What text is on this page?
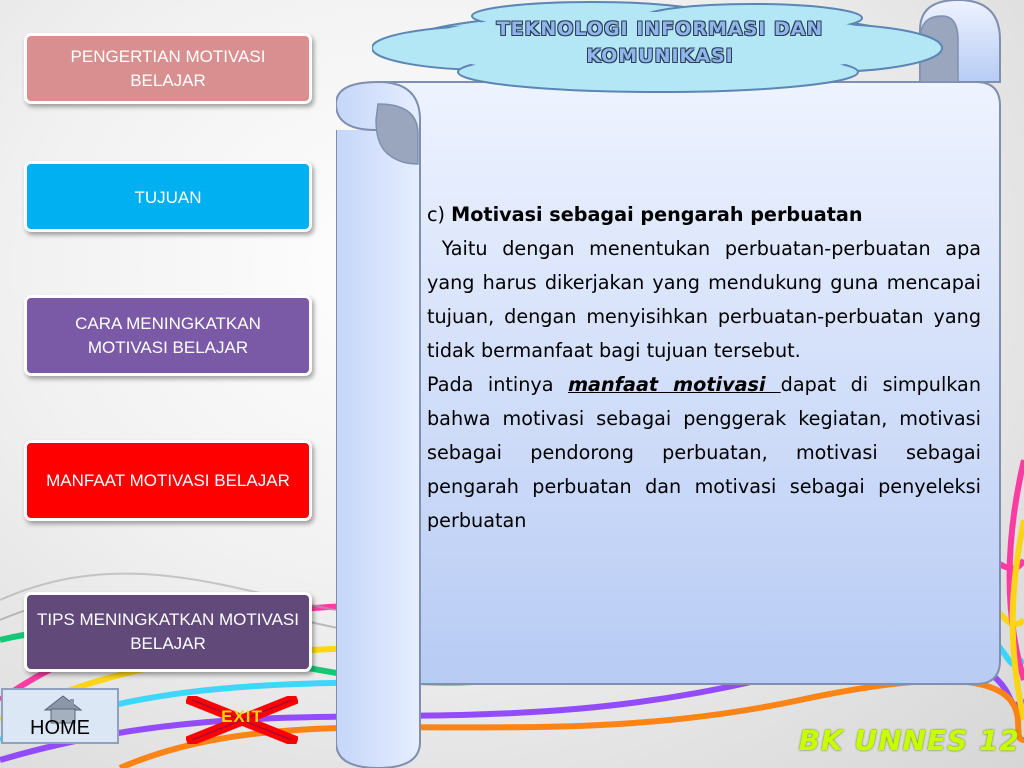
PENGERTIAN MOTIVASI BELAJAR
TUJUAN
CARA MENINGKATKAN MOTIVASI BELAJAR
MANFAAT MOTIVASI BELAJAR
TIPS MENINGKATKAN MOTIVASI BELAJAR
TEKNOLOGI INFORMASI DAN
KOMUNIKASI

c) Motivasi sebagai pengarah perbuatan

Yaitu dengan menentukan perbuatan-perbuatan apa yang harus dikerjakan yang mendukung guna mencapai tujuan, dengan menyisihkan perbuatan-perbuatan yang tidak bermanfaat bagi tujuan tersebut.

Pada intinya manfaat motivasi dapat di simpulkan bahwa motivasi sebagai penggerak kegiatan, motivasi sebagai pendorong perbuatan, motivasi sebagai pengarah perbuatan dan motivasi sebagai penyeleksi perbuatan

HOME
EXIT
BK UNNES 12
